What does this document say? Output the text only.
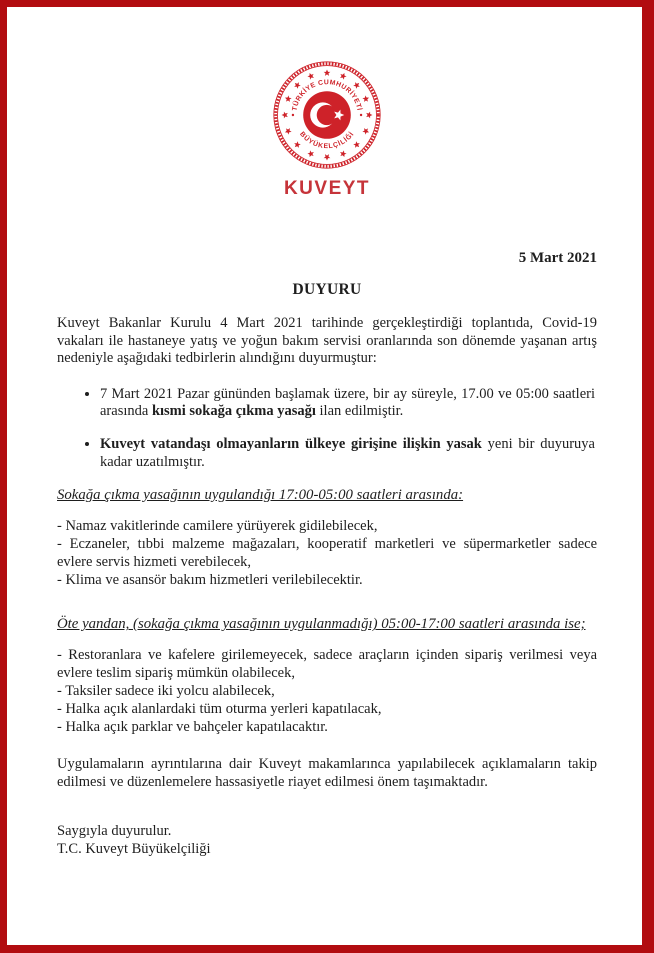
TÜRKİYE CUMHURİYETİ
BÜYÜKELÇİLİĞİ
KUVEYT
5 Mart 2021
DUYURU

Kuveyt Bakanlar Kurulu 4 Mart 2021 tarihinde gerçekleştirdiği toplantıda, Covid-19 vakaları ile hastaneye yatış ve yoğun bakım servisi oranlarında son dönemde yaşanan artış nedeniyle aşağıdaki tedbirlerin alındığını duyurmuştur:

• 7 Mart 2021 Pazar gününden başlamak üzere, bir ay süreyle, 17.00 ve 05:00 saatleri arasında kısmi sokağa çıkma yasağı ilan edilmiştir.
• Kuveyt vatandaşı olmayanların ülkeye girişine ilişkin yasak yeni bir duyuruya kadar uzatılmıştır.

Sokağa çıkma yasağının uygulandığı 17:00-05:00 saatleri arasında:

- Namaz vakitlerinde camilere yürüyerek gidilebilecek,

- Eczaneler, tıbbi malzeme mağazaları, kooperatif marketleri ve süpermarketler sadece evlere servis hizmeti verebilecek,

- Klima ve asansör bakım hizmetleri verilebilecektir.

Öte yandan, (sokağa çıkma yasağının uygulanmadığı) 05:00-17:00 saatleri arasında ise;

- Restoranlara ve kafelere girilemeyecek, sadece araçların içinden sipariş verilmesi veya evlere teslim sipariş mümkün olabilecek,

- Taksiler sadece iki yolcu alabilecek,

- Halka açık alanlardaki tüm oturma yerleri kapatılacak,

- Halka açık parklar ve bahçeler kapatılacaktır.

Uygulamaların ayrıntılarına dair Kuveyt makamlarınca yapılabilecek açıklamaların takip edilmesi ve düzenlemelere hassasiyetle riayet edilmesi önem taşımaktadır.

Saygıyla duyurulur.
T.C. Kuveyt Büyükelçiliği
